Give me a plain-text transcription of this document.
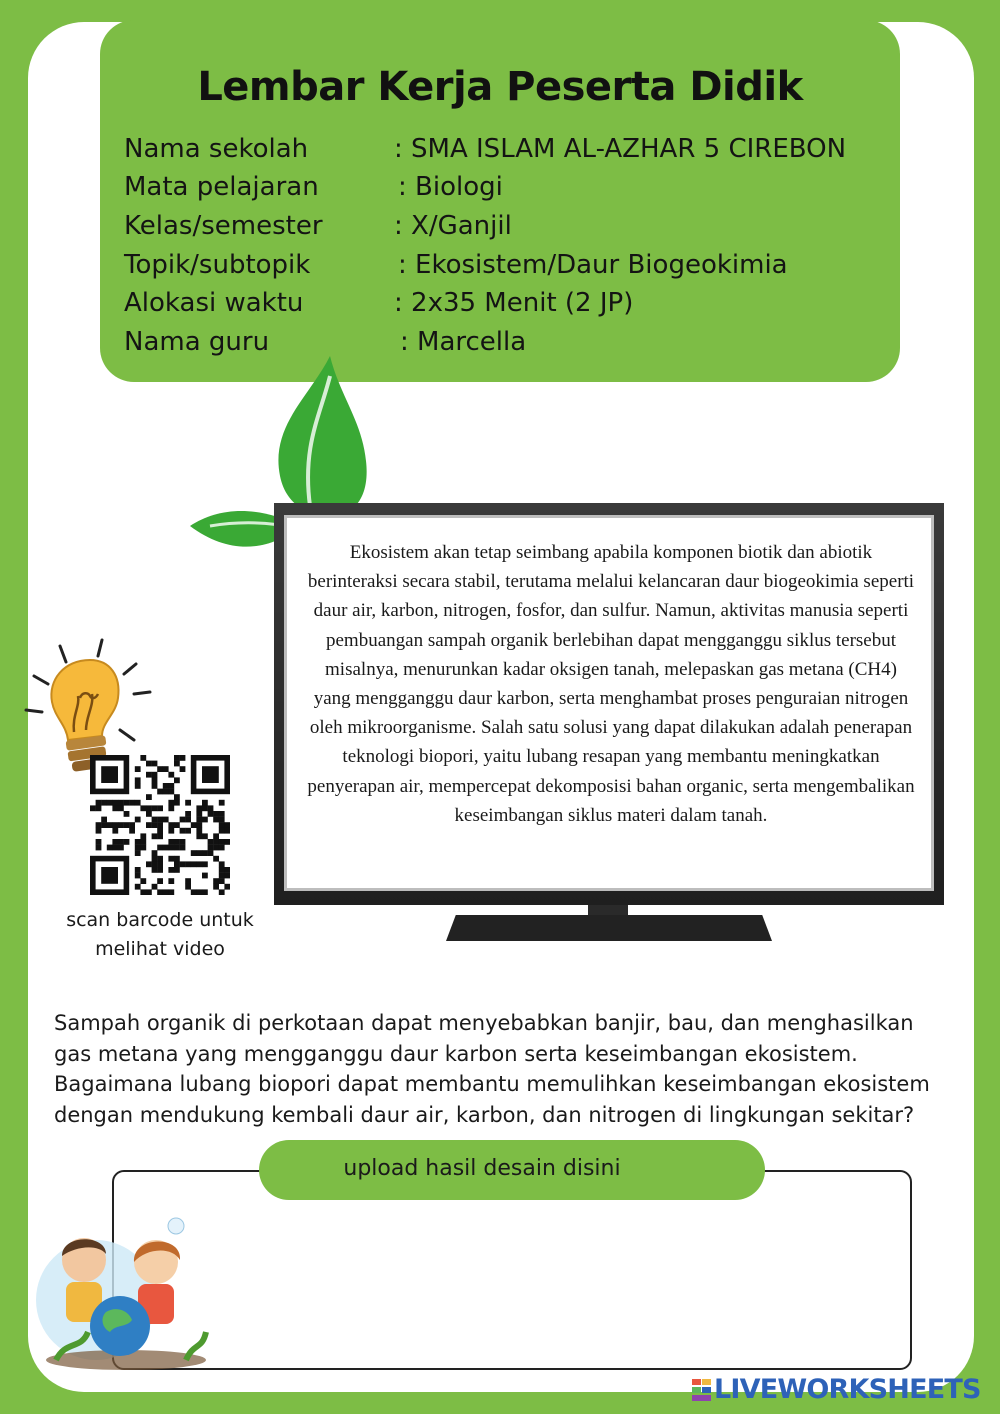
Lembar Kerja Peserta Didik
Nama sekolah	: SMA ISLAM AL-AZHAR 5 CIREBON
Mata pelajaran	: Biologi
Kelas/semester	: X/Ganjil
Topik/subtopik	: Ekosistem/Daur Biogeokimia
Alokasi waktu	: 2x35 Menit (2 JP)
Nama guru	: Marcella
Ekosistem akan tetap seimbang apabila komponen biotik dan abiotik berinteraksi secara stabil, terutama melalui kelancaran daur biogeokimia seperti daur air, karbon, nitrogen, fosfor, dan sulfur. Namun, aktivitas manusia seperti pembuangan sampah organik berlebihan dapat mengganggu siklus tersebut misalnya, menurunkan kadar oksigen tanah, melepaskan gas metana (CH4) yang mengganggu daur karbon, serta menghambat proses penguraian nitrogen oleh mikroorganisme. Salah satu solusi yang dapat dilakukan adalah penerapan teknologi biopori, yaitu lubang resapan yang membantu meningkatkan penyerapan air, mempercepat dekomposisi bahan organic, serta mengembalikan keseimbangan siklus materi dalam tanah.
scan barcode untuk melihat video
Sampah organik di perkotaan dapat menyebabkan banjir, bau, dan menghasilkan gas metana yang mengganggu daur karbon serta keseimbangan ekosistem. Bagaimana lubang biopori dapat membantu memulihkan keseimbangan ekosistem dengan mendukung kembali daur air, karbon, dan nitrogen di lingkungan sekitar?
upload hasil desain disini
LIVEWORKSHEETS
